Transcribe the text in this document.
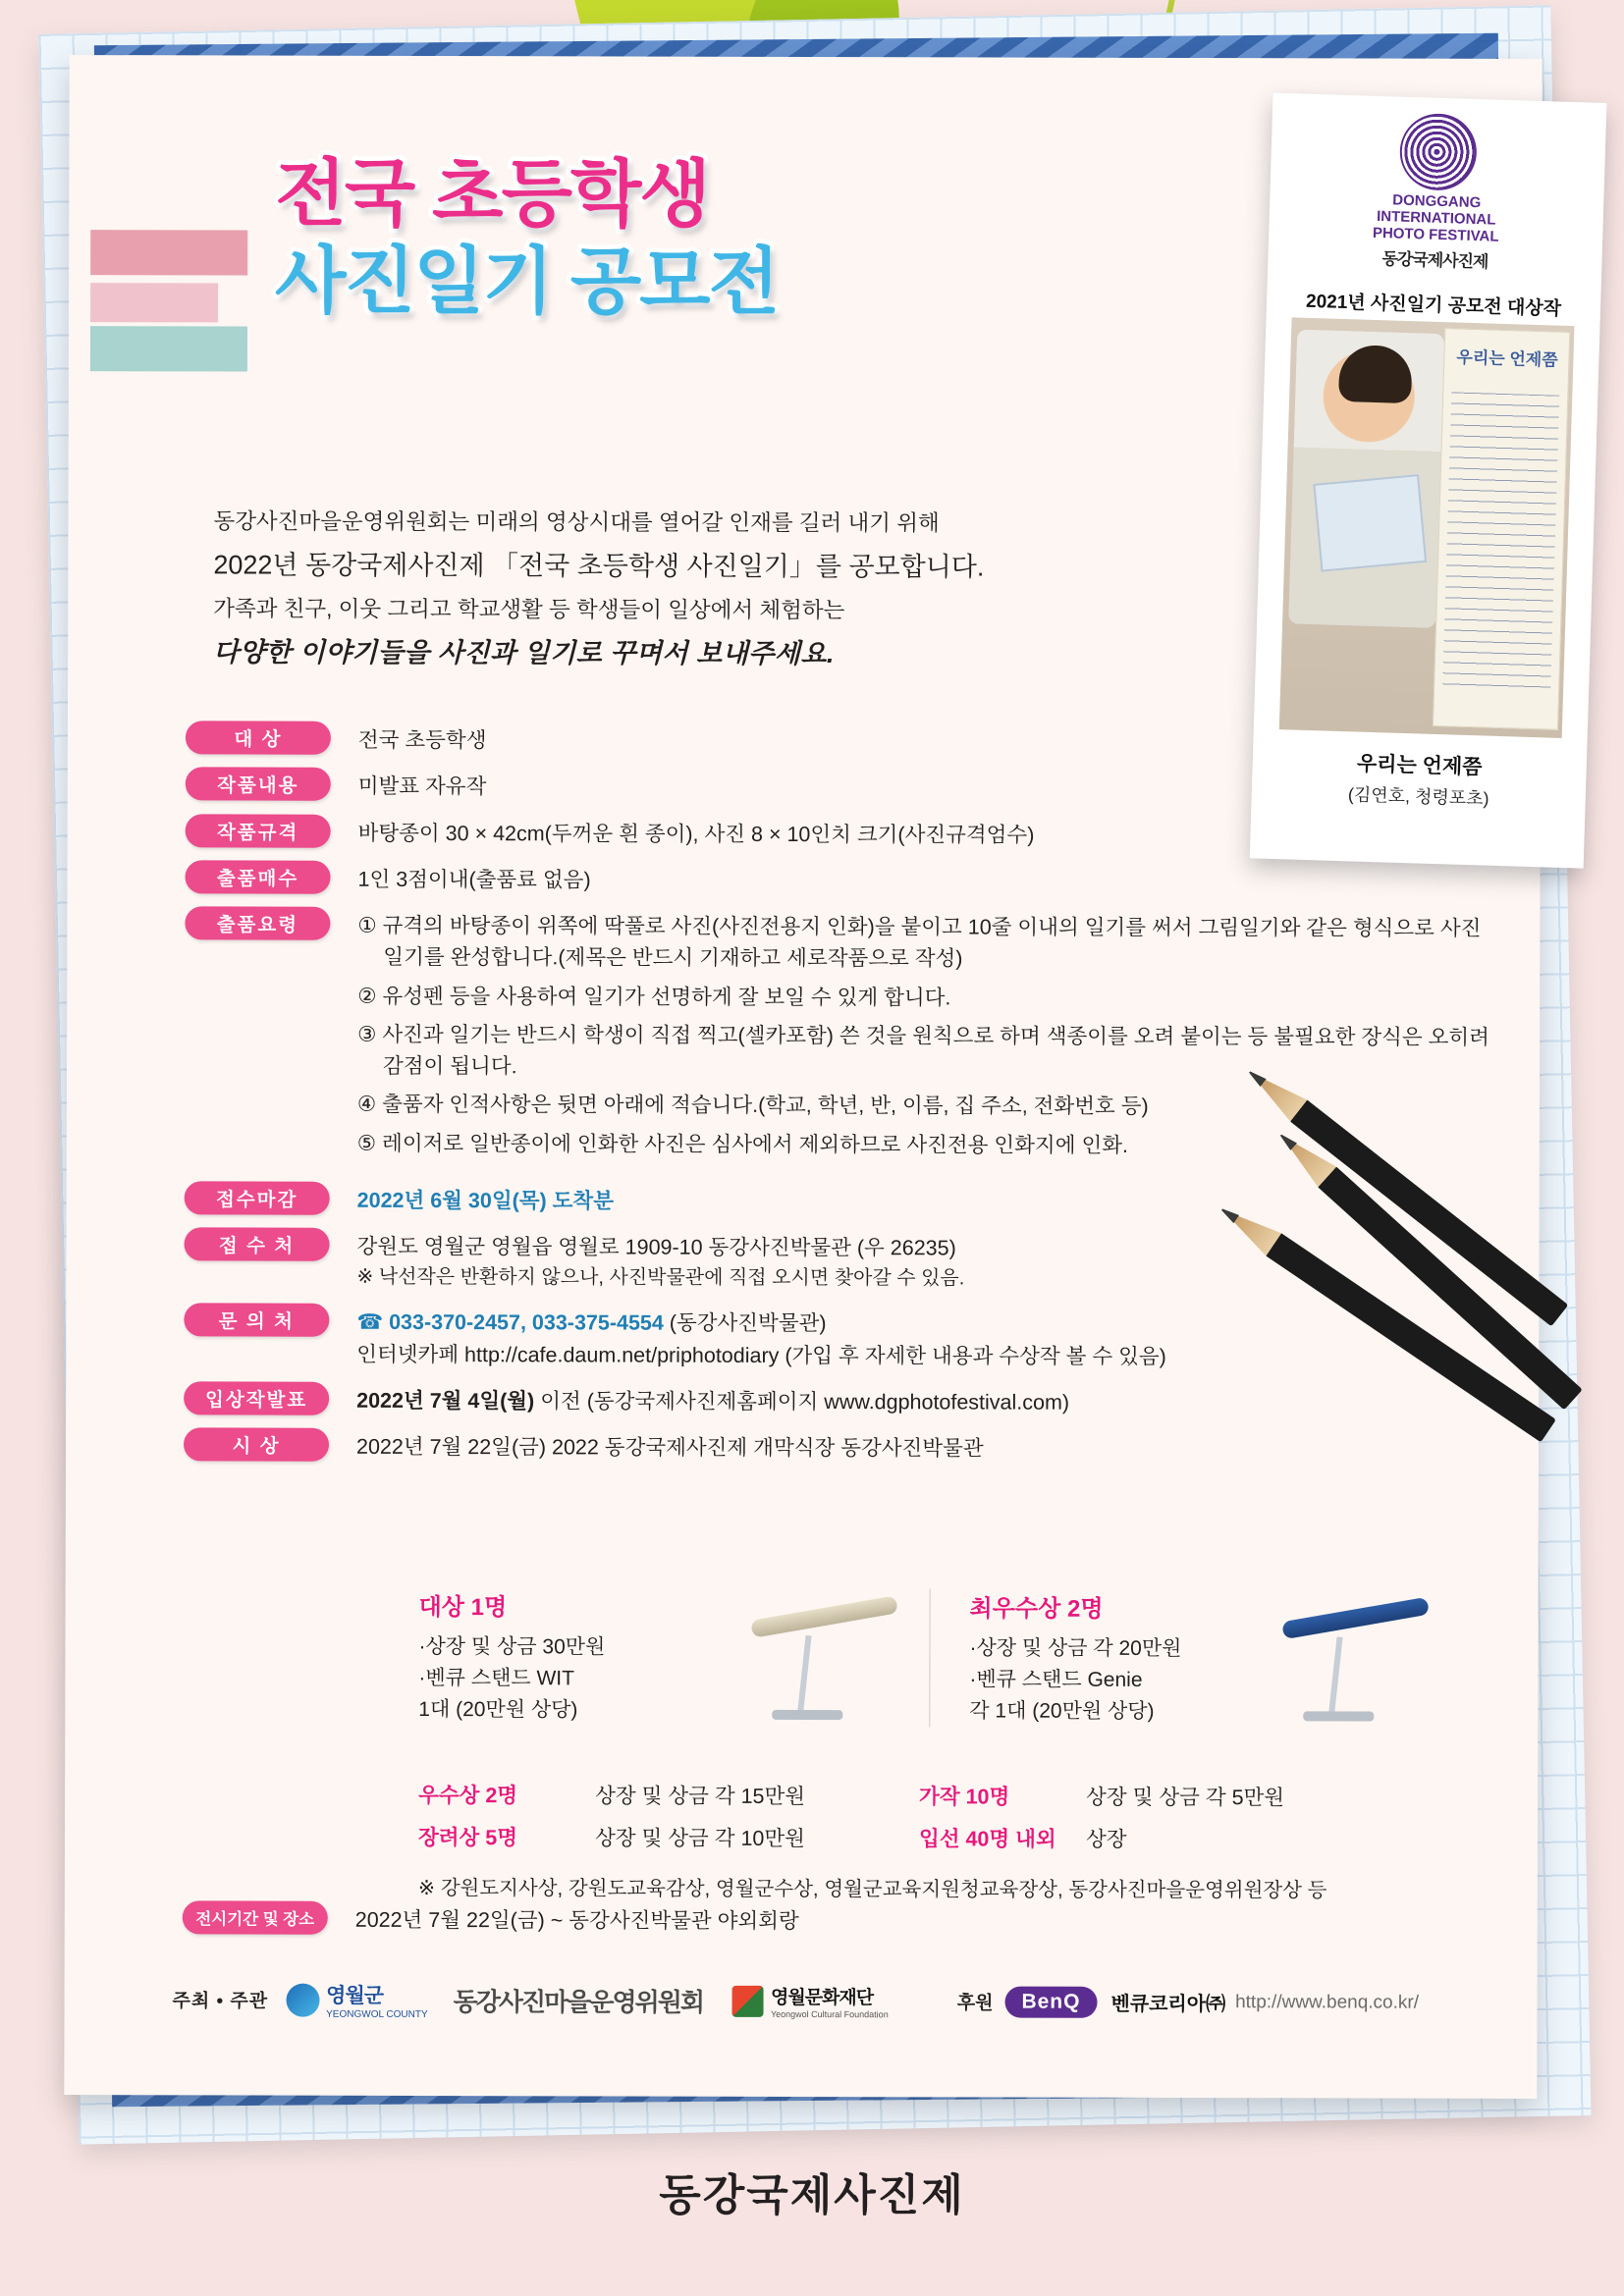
전국 초등학생
사진일기 공모전

동강사진마을운영위원회는 미래의 영상시대를 열어갈 인재를 길러 내기 위해

2022년 동강국제사진제 「전국 초등학생 사진일기」를 공모합니다.

가족과 친구, 이웃 그리고 학교생활 등 학생들이 일상에서 체험하는

다양한 이야기들을 사진과 일기로 꾸며서 보내주세요.

DONGGANG
INTERNATIONAL
PHOTO FESTIVAL
동강국제사진제
2021년 사진일기 공모전 대상작
우리는 언제쯤
우리는 언제쯤
(김연호, 청령포초)
대 상	전국 초등학생
작품내용	미발표 자유작
작품규격	바탕종이 30 × 42cm(두꺼운 흰 종이), 사진 8 × 10인치 크기(사진규격엄수)
출품매수	1인 3점이내(출품료 없음)
출품요령	① 규격의 바탕종이 위쪽에 딱풀로 사진(사진전용지 인화)을 붙이고 10줄 이내의 일기를 써서 그림일기와 같은 형식으로 사진일기를 완성합니다.(제목은 반드시 기재하고 세로작품으로 작성)
② 유성펜 등을 사용하여 일기가 선명하게 잘 보일 수 있게 합니다.
③ 사진과 일기는 반드시 학생이 직접 찍고(셀카포함) 쓴 것을 원칙으로 하며 색종이를 오려 붙이는 등 불필요한 장식은 오히려 감점이 됩니다.
④ 출품자 인적사항은 뒷면 아래에 적습니다.(학교, 학년, 반, 이름, 집 주소, 전화번호 등)
⑤ 레이저로 일반종이에 인화한 사진은 심사에서 제외하므로 사진전용 인화지에 인화.
접수마감	2022년 6월 30일(목) 도착분
접 수 처	강원도 영월군 영월읍 영월로 1909-10 동강사진박물관 (우 26235)
※ 낙선작은 반환하지 않으나, 사진박물관에 직접 오시면 찾아갈 수 있음.
문 의 처	☎ 033-370-2457, 033-375-4554 (동강사진박물관)
인터넷카페 http://cafe.daum.net/priphotodiary (가입 후 자세한 내용과 수상작 볼 수 있음)
입상작발표	2022년 7월 4일(월) 이전 (동강국제사진제홈페이지 www.dgphotofestival.com)
시 상	2022년 7월 22일(금) 2022 동강국제사진제 개막식장 동강사진박물관
대상 1명
·상장 및 상금 30만원
·벤큐 스탠드 WIT
1대 (20만원 상당)
최우수상 2명
·상장 및 상금 각 20만원
·벤큐 스탠드 Genie
각 1대 (20만원 상당)
우수상 2명	상장 및 상금 각 15만원	가작 10명	상장 및 상금 각 5만원
장려상 5명	상장 및 상금 각 10만원	입선 40명 내외	상장
※ 강원도지사상, 강원도교육감상, 영월군수상, 영월군교육지원청교육장상, 동강사진마을운영위원장상 등
전시기간 및 장소	2022년 7월 22일(금) ~ 동강사진박물관 야외회랑
주최 • 주관	영월군
YEONGWOL COUNTY 동강사진마을운영위원회	영월문화재단
Yeongwol Cultural Foundation
후원	BenQ	벤큐코리아㈜ http://www.benq.co.kr/
동강국제사진제
